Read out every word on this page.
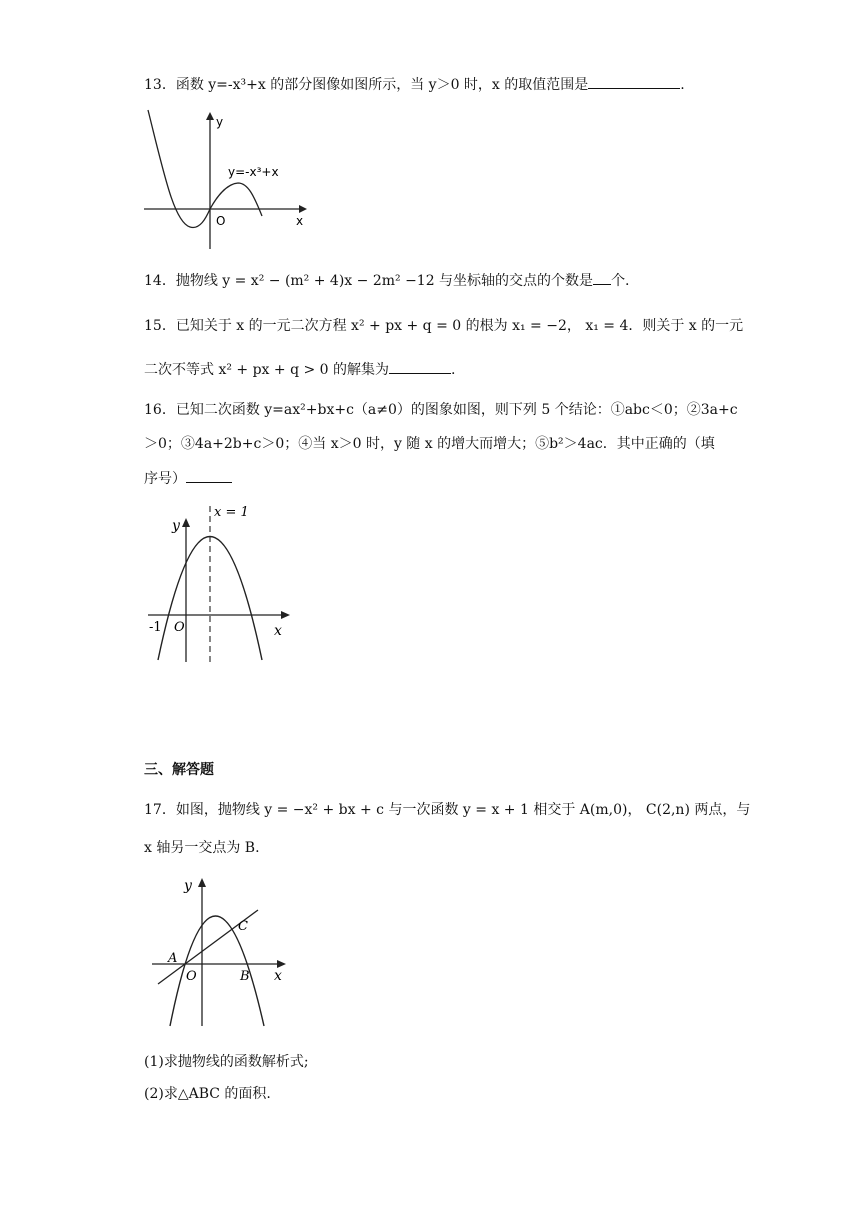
13．函数 y=-x³+x 的部分图像如图所示，当 y＞0 时，x 的取值范围是	.
y
y=-x³+x
O	x
14．抛物线 y = x² − (m² + 4)x − 2m² −12 与坐标轴的交点的个数是 个.
15．已知关于 x 的一元二次方程 x² + px + q = 0 的根为 x₁ = −2， x₁ = 4．则关于 x 的一元
二次不等式 x² + px + q > 0 的解集为	.
16．已知二次函数 y=ax²+bx+c（a≠0）的图象如图，则下列 5 个结论：①abc＜0；②3a+c
＞0；③4a+2b+c＞0；④当 x＞0 时，y 随 x 的增大而增大；⑤b²＞4ac．其中正确的（填
序号）
x = 1
y
-1 O	x
三、解答题
17．如图，抛物线 y = −x² + bx + c 与一次函数 y = x + 1 相交于 A(m,0)， C(2,n) 两点，与
x 轴另一交点为 B.
y
C
A
O	B x
(1)求抛物线的函数解析式;
(2)求△ABC 的面积.
